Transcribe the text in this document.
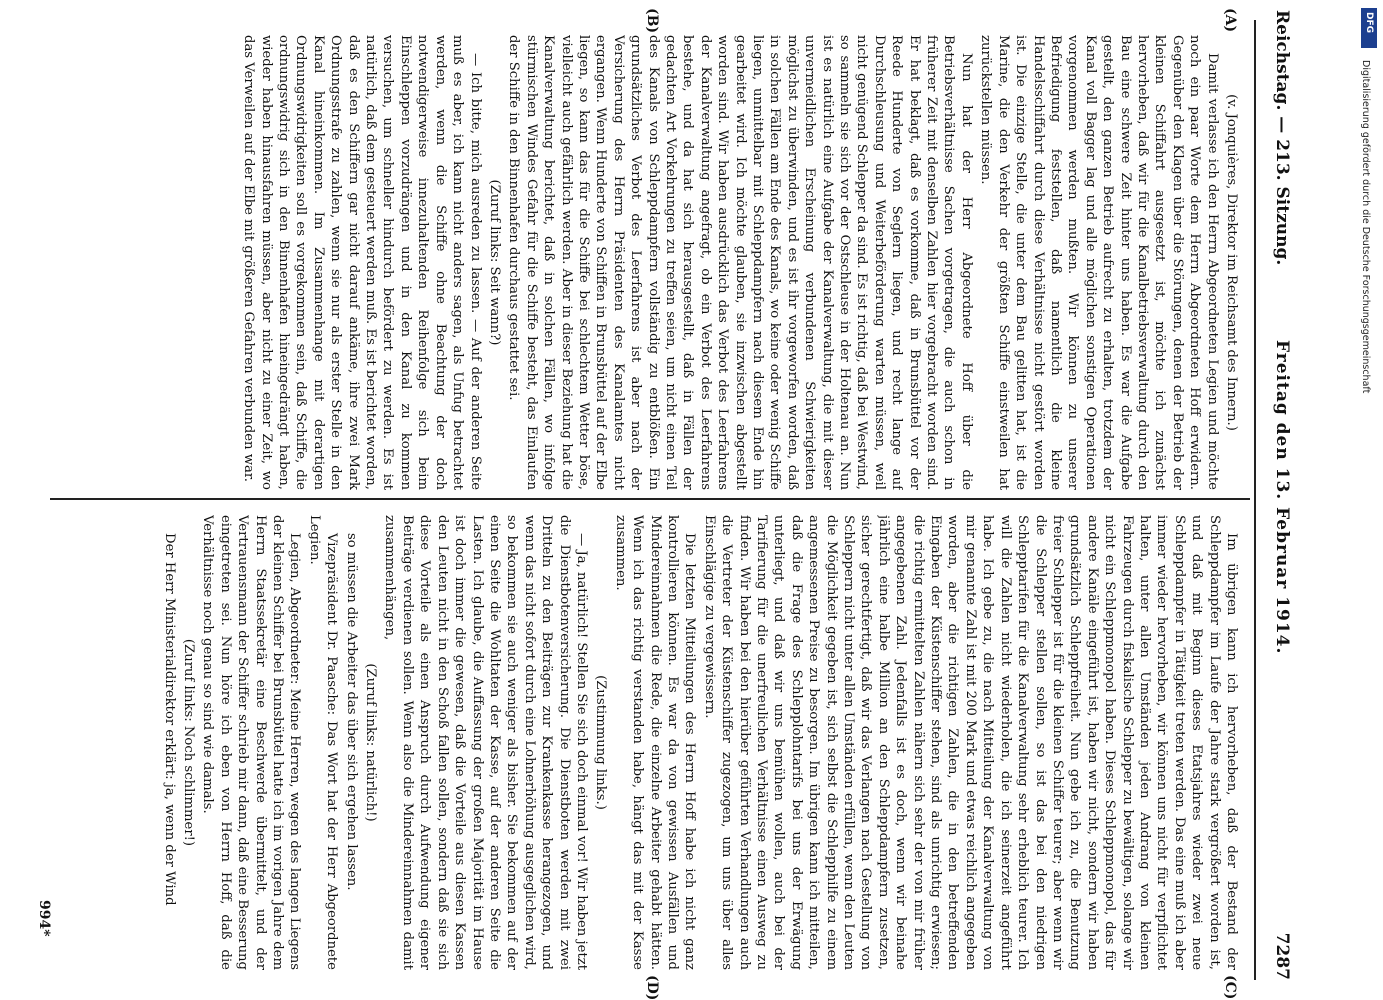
Reichstag. — 213. Sitzung.
Freitag den 13. Februar 1914.
7287
(A)
(B)
(C)
(D)

(v. Jonquières, Direktor im Reichsamt des Innern.)

Damit verlasse ich den Herrn Abgeordneten Legien und möchte noch ein paar Worte dem Herrn Abgeordneten Hoff erwidern. Gegenüber den Klagen über die Störungen, denen der Betrieb der kleinen Schiffahrt ausgesetzt ist, möchte ich zunächst hervorheben, daß wir für die Kanalbetriebsverwaltung durch den Bau eine schwere Zeit hinter uns haben. Es war die Aufgabe gestellt, den ganzen Betrieb aufrecht zu erhalten, trotzdem der Kanal voll Bagger lag und alle möglichen sonstigen Operationen vorgenommen werden mußten. Wir können zu unserer Befriedigung feststellen, daß namentlich die kleine Handelsschiffahrt durch diese Verhältnisse nicht gestört worden ist. Die einzige Stelle, die unter dem Bau gelitten hat, ist die Marine, die den Verkehr der größten Schiffe einstweilen hat zurückstellen müssen.

Nun hat der Herr Abgeordnete Hoff über die Betriebsverhältnisse Sachen vorgetragen, die auch schon in früherer Zeit mit denselben Zahlen hier vorgebracht worden sind. Er hat beklagt, daß es vorkomme, daß in Brunsbüttel vor der Reede Hunderte von Seglern liegen, und recht lange auf Durchschleusung und Weiterbeförderung warten müssen, weil nicht genügend Schlepper da sind. Es ist richtig, daß bei Westwind, so sammeln sie sich vor der Ostschleuse in der Holtenau an. Nun ist es natürlich eine Aufgabe der Kanalverwaltung, die mit dieser unvermeidlichen Erscheinung verbundenen Schwierigkeiten möglichst zu überwinden, und es ist ihr vorgeworfen worden, daß in solchen Fällen am Ende des Kanals, wo keine oder wenig Schiffe liegen, unmittelbar mit Schleppdampfern nach diesem Ende hin gearbeitet wird. Ich möchte glauben, sie inzwischen abgestellt worden sind. Wir haben ausdrücklich das Verbot des Leerfahrens der Kanalverwaltung angefragt, ob ein Verbot des Leerfahrens bestehe, und da hat sich herausgestellt, daß in Fällen der gedachten Art Vorkehrungen zu treffen seien, um nicht einen Teil des Kanals von Schleppdampfern vollständig zu entblößen. Ein grundsätzliches Verbot des Leerfahrens ist aber nach der Versicherung des Herrn Präsidenten des Kanalamtes nicht ergangen. Wenn Hunderte von Schiffen in Brunsbüttel auf der Elbe liegen, so kann das für die Schiffe bei schlechtem Wetter böse, vielleicht auch gefährlich werden. Aber in dieser Beziehung hat die Kanalverwaltung berichtet, daß in solchen Fällen, wo infolge stürmischen Windes Gefahr für die Schiffe besteht, das Einlaufen der Schiffe in den Binnenhafen durchaus gestattet sei.

(Zuruf links: Seit wann?)

— Ich bitte, mich ausreden zu lassen. — Auf der anderen Seite muß es aber, ich kann nicht anders sagen, als Unfug betrachtet werden, wenn die Schiffe ohne Beachtung der doch notwendigerweise innezuhaltenden Reihenfolge sich beim Einschleppen vorzudrängen und in den Kanal zu kommen versuchen, um schneller hindurch befördert zu werden. Es ist natürlich, daß dem gesteuert werden muß. Es ist berichtet worden, daß es den Schiffern gar nicht darauf ankäme, ihre zwei Mark Ordnungsstrafe zu zahlen, wenn sie nur als erster Stelle in den Kanal hineinkommen. Im Zusammenhange mit derartigen Ordnungswidrigkeiten soll es vorgekommen sein, daß Schiffe, die ordnungswidrig sich in den Binnenhafen hineingedrängt haben, wieder haben hinausfahren müssen, aber nicht zu einer Zeit, wo das Verweilen auf der Elbe mit größeren Gefahren verbunden war.

Im übrigen kann ich hervorheben, daß der Bestand der Schleppdampfer im Laufe der Jahre stark vergrößert worden ist, und daß mit Beginn dieses Etatsjahres wieder zwei neue Schleppdampfer in Tätigkeit treten werden. Das eine muß ich aber immer wieder hervorheben, wir können uns nicht für verpflichtet halten, unter allen Umständen jeden Andrang von kleinen Fahrzeugen durch fiskalische Schlepper zu bewältigen, solange wir nicht ein Schleppmonopol haben. Dieses Schleppmonopol, das für andere Kanäle eingeführt ist, haben wir nicht, sondern wir haben grundsätzlich Schleppfreiheit. Nun gebe ich zu, die Benutzung freier Schlepper ist für die kleinen Schiffer teurer; aber wenn wir die Schlepper stellen sollen, so ist das bei den niedrigen Schlepptarifen für die Kanalverwaltung sehr erheblich teurer. Ich will die Zahlen nicht wiederholen, die ich seinerzeit angeführt habe. Ich gebe zu, die nach Mitteilung der Kanalverwaltung von mir genannte Zahl ist mit 200 Mark und etwas reichlich angegeben worden, aber die richtigen Zahlen, die in den betreffenden Eingaben der Küstenschiffer stehen, sind als unrichtig erwiesen; die richtig ermittelten Zahlen nähern sich sehr der von mir früher angegebenen Zahl. Jedenfalls ist es doch, wenn wir beinahe jährlich eine halbe Million an den Schleppdampfern zusetzen, sicher gerechtfertigt, daß wir das Verlangen nach Gestellung von Schleppern nicht unter allen Umständen erfüllen, wenn den Leuten die Möglichkeit gegeben ist, sich selbst die Schlepphilfe zu einem angemessenen Preise zu besorgen. Im übrigen kann ich mitteilen, daß die Frage des Schlepplohntarifs bei uns der Erwägung unterliegt, und daß wir uns bemühen wollen, auch bei der Tarifierung für die unerfreulichen Verhältnisse einen Ausweg zu finden. Wir haben bei den hierüber geführten Verhandlungen auch die Vertreter der Küstenschiffer zugezogen, um uns über alles Einschlägige zu vergewissern.

Die letzten Mitteilungen des Herrn Hoff habe ich nicht ganz kontrollieren können. Es war da von gewissen Ausfällen und Mindereinnahmen die Rede, die einzelne Arbeiter gehabt hätten. Wenn ich das richtig verstanden habe, hängt das mit der Kasse zusammen.

(Zustimmung links.)

— Ja, natürlich! Stellen Sie sich doch einmal vor! Wir haben jetzt die Dienstbotenversicherung. Die Dienstboten werden mit zwei Dritteln zu den Beiträgen zur Krankenkasse herangezogen, und wenn das nicht sofort durch eine Lohnerhöhung ausgeglichen wird, so bekommen sie auch weniger als bisher. Sie bekommen auf der einen Seite die Wohltaten der Kasse, auf der anderen Seite die Lasten. Ich glaube, die Auffassung der großen Majorität im Hause ist doch immer die gewesen, daß die Vorteile aus diesen Kassen den Leuten nicht in den Schoß fallen sollen, sondern daß sie sich diese Vorteile als einen Anspruch durch Aufwendung eigener Beiträge verdienen sollen. Wenn also die Mindereinnahmen damit zusammenhängen,

(Zuruf links: natürlich!)

so müssen die Arbeiter das über sich ergehen lassen.

Vizepräsident Dr. Paasche: Das Wort hat der Herr Abgeordnete Legien.

Legien, Abgeordneter: Meine Herren, wegen des langen Liegens der kleinen Schiffer bei Brunsbüttel hatte ich im vorigen Jahre dem Herrn Staatssekretär eine Beschwerde übermittelt, und der Vertrauensmann der Schiffer schrieb mir dann, daß eine Besserung eingetreten sei. Nun höre ich eben von Herrn Hoff, daß die Verhältnisse noch genau so sind wie damals.

(Zuruf links: Noch schlimmer!)

Der Herr Ministerialdirektor erklärt: ja, wenn der Wind

994*
DFG
Digitalisierung gefördert durch die Deutsche Forschungsgemeinschaft
